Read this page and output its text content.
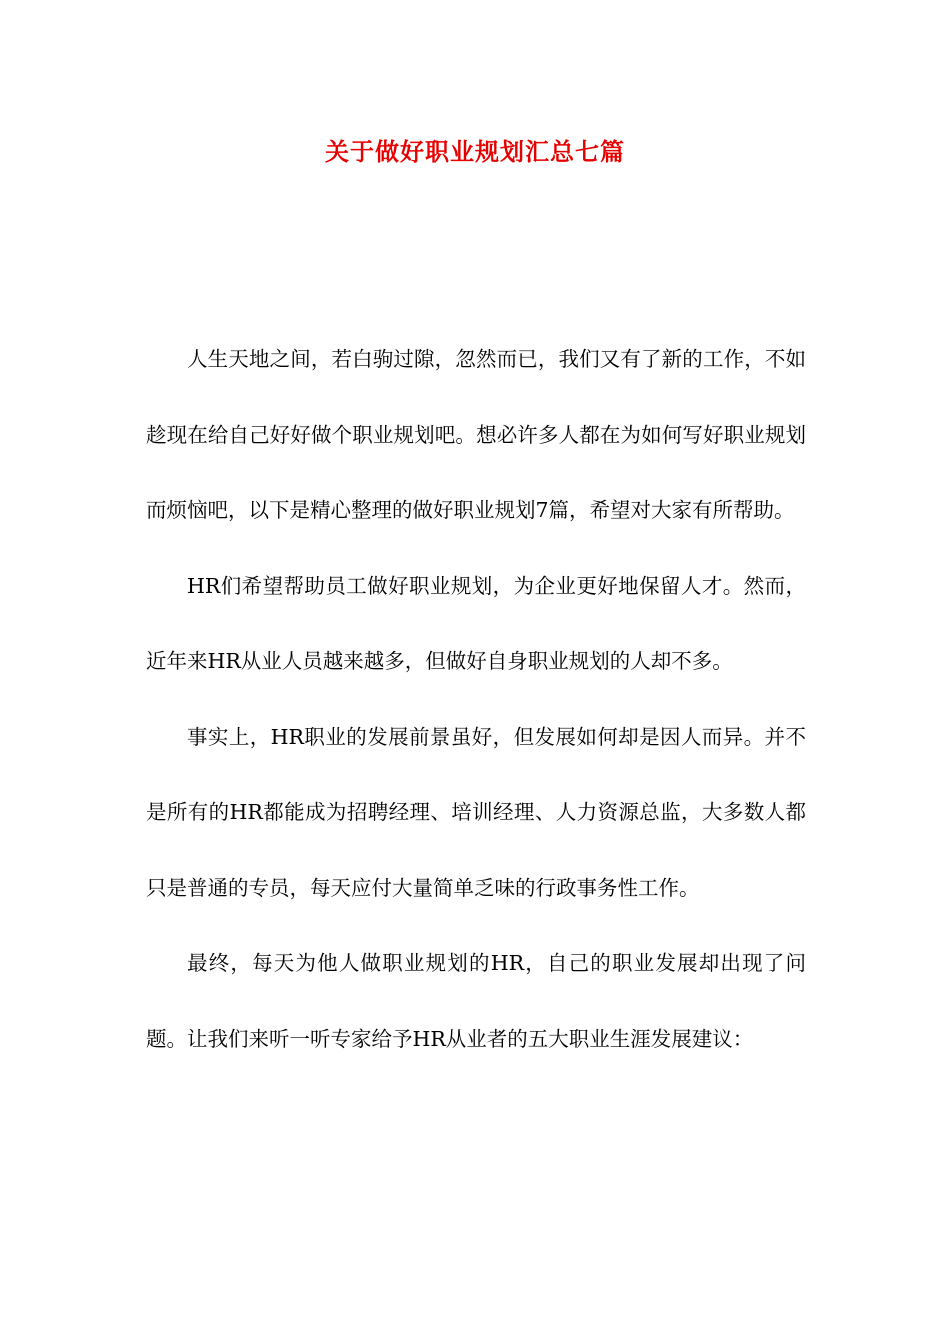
关于做好职业规划汇总七篇

人生天地之间，若白驹过隙，忽然而已，我们又有了新的工作，不如趁现在给自己好好做个职业规划吧。想必许多人都在为如何写好职业规划而烦恼吧，以下是精心整理的做好职业规划7篇，希望对大家有所帮助。

HR们希望帮助员工做好职业规划，为企业更好地保留人才。然而，近年来HR从业人员越来越多，但做好自身职业规划的人却不多。

事实上，HR职业的发展前景虽好，但发展如何却是因人而异。并不是所有的HR都能成为招聘经理、培训经理、人力资源总监，大多数人都只是普通的专员，每天应付大量简单乏味的行政事务性工作。

最终，每天为他人做职业规划的HR，自己的职业发展却出现了问题。让我们来听一听专家给予HR从业者的五大职业生涯发展建议：
